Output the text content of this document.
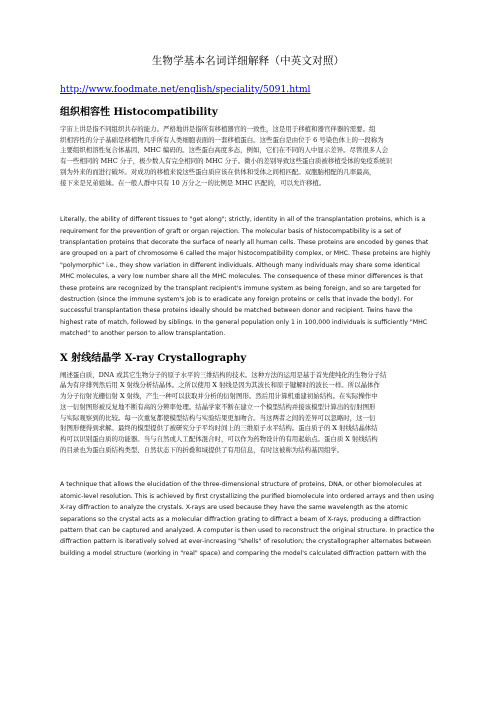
生物学基本名词详细解释（中英文对照）
http://www.foodmate.net/english/speciality/5091.html
组织相容性 Histocompatibility
宇宙上讲是指不同组织共存的能力。严格地讲是指所有移植器官的一致性，这是用于移植和器官伴器的需要。组
织相容性的分子基础是移植物几乎所有人类细胞表面的一套移植蛋白。这些蛋白是由位于 6 号染色体上的一段称为
主要组织相溶性复合体基因，MHC 编码的。这些蛋白高度多态，例如，它们在不同的人中显示差异。尽管很多人会
有一些相同的 MHC 分子，极少数人有完全相同的 MHC 分子。微小的差别导致这些蛋白质被移植受体的免疫系统识
别为外来的而进行破坏。对成功的移植来说这些蛋白质应该在供体和受体之间相匹配。双胞胎相配的几率最高，
接下来是兄弟姐妹。在一般人群中只有 10 万分之一的比例是 MHC 匹配的，可以允许移植。
Literally, the ability of different tissues to "get along"; strictly, identity in all of the transplantation proteins, which is a
requirement for the prevention of graft or organ rejection. The molecular basis of histocompatibility is a set of
transplantation proteins that decorate the surface of nearly all human cells. These proteins are encoded by genes that
are grouped on a part of chromosome 6 called the major histocompatibility complex, or MHC. These proteins are highly
"polymorphic" i.e., they show variation in different individuals. Although many individuals may share some identical
MHC molecules, a very low number share all the MHC molecules. The consequence of these minor differences is that
these proteins are recognized by the transplant recipient's immune system as being foreign, and so are targeted for
destruction (since the immune system's job is to eradicate any foreign proteins or cells that invade the body). For
successful transplantation these proteins ideally should be matched between donor and recipient. Twins have the
highest rate of match, followed by siblings. In the general population only 1 in 100,000 individuals is sufficiently "MHC
matched" to another person to allow transplantation.
X 射线结晶学 X-ray Crystallography
阐述蛋白质，DNA 或其它生物分子的原子水平的三维结构的技术。这种方法的运用是基于首先使纯化的生物分子结
晶为有序排列然后用 X 射线分析结晶体。之所以使用 X 射线是因为其波长和原子键解时的波长一样。所以晶体作
为分子衍射光栅衍射 X 射线，产生一种可以获取并分析的衍射图形。然后用计算机重建初始结构。在实际操作中
这一衍射图形被反复地不断有高的分辨率处理。结晶学家不断在建立一个模型结构并接该模型计算出的衍射图形
与实际观察到的比较。每一次重复都使模型结构与实验结果更加吻合。当这两者之间的差异可以忽略时，这一衍
射图形便得到求解。最终的模型提供了被研究分子平均时间上的三维原子水平结构。蛋白质子的 X 射线结晶体结
构可以识别蛋白质的功能器。当与自然或人工配体混合时，可以作为药物设计的有用起始点。蛋白质 X 射线结构
的目录也为蛋白质结构类型、自然状态下的折叠和域提供了有用信息，有时这被称为结构基因组学。
A technique that allows the elucidation of the three-dimensional structure of proteins, DNA, or other biomolecules at
atomic-level resolution. This is achieved by first crystallizing the purified biomolecule into ordered arrays and then using
X-ray diffraction to analyze the crystals. X-rays are used because they have the same wavelength as the atomic
separations so the crystal acts as a molecular diffraction grating to diffract a beam of X-rays, producing a diffraction
pattern that can be captured and analyzed. A computer is then used to reconstruct the original structure. In practice the
diffraction pattern is iteratively solved at ever-increasing "shells" of resolution; the crystallographer alternates between
building a model structure (working in "real" space) and comparing the model's calculated diffraction pattern with the
